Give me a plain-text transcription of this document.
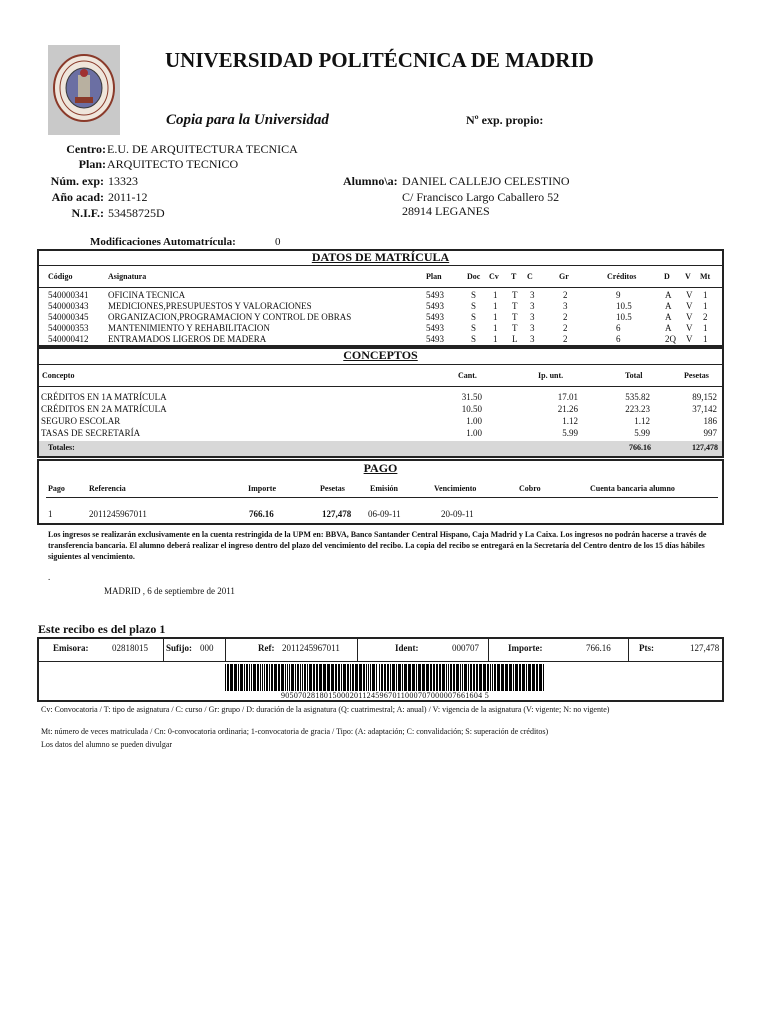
UNIVERSIDAD POLITÉCNICA DE MADRID
Copia para la Universidad	Nº exp. propio:
Centro: E.U. DE ARQUITECTURA TECNICA
Plan: ARQUITECTO TECNICO
Núm. exp: 13323
Año acad: 2011-12
N.I.F.: 53458725D
Alumno\a: DANIEL CALLEJO CELESTINO
C/ Francisco Largo Caballero 52
28914 LEGANES
Modificaciones Automatrícula:	0
DATOS DE MATRÍCULA
Código	Asignatura	Plan	Doc Cv T C	Gr	Créditos	D V Mt
540000341 OFICINA TECNICA	5493	S 1 T 3	2	9	A V 1
540000343 MEDICIONES,PRESUPUESTOS Y VALORACIONES	5493	S 1 T 3	3	10.5	A V 1
540000345 ORGANIZACION,PROGRAMACION Y CONTROL DE OBRAS	5493	S 1 T 3	2	10.5	A V 2
540000353 MANTENIMIENTO Y REHABILITACION	5493	S 1 T 3	2	6	A V 1
540000412 ENTRAMADOS LIGEROS DE MADERA	5493	S 1 L 3	2	6	2Q V 1
CONCEPTOS
Concepto	Cant.	Ip. unt.	Total	Pesetas
CRÉDITOS EN 1A MATRÍCULA	31.50	17.01	535.82	89,152
CRÉDITOS EN 2A MATRÍCULA	10.50	21.26	223.23	37,142
SEGURO ESCOLAR	1.00	1.12	1.12	186
TASAS DE SECRETARÍA	1.00	5.99	5.99	997
Totales:	766.16	127,478
PAGO
Pago	Referencia	Importe	Pesetas	Emisión	Vencimiento	Cobro	Cuenta bancaria alumno
1	2011245967011	766.16	127,478 06-09-11	20-09-11
Los ingresos se realizarán exclusivamente en la cuenta restringida de la UPM en: BBVA, Banco Santander Central Hispano, Caja Madrid y La Caixa. Los ingresos no podrán hacerse a través de transferencia bancaria. El alumno deberá realizar el ingreso dentro del plazo del vencimiento del recibo. La copia del recibo se entregará en la Secretaría del Centro dentro de los 15 días hábiles siguientes al vencimiento.
.
MADRID , 6 de septiembre de 2011
Este recibo es del plazo 1
Emisora:	02818015 Sufijo: 000	Ref: 2011245967011	Ident:	000707	Importe:	766.16	Pts:	127,478
90507028180150002011245967011000707000007661604 5
Cv: Convocatoria / T: tipo de asignatura / C: curso / Gr: grupo / D: duración de la asignatura (Q: cuatrimestral; A: anual) / V: vigencia de la asignatura (V: vigente; N: no vigente)
Mt: número de veces matriculada / Cn: 0-convocatoria ordinaria; 1-convocatoria de gracia / Tipo: (A: adaptación; C: convalidación; S: superación de créditos)
Los datos del alumno se pueden divulgar
